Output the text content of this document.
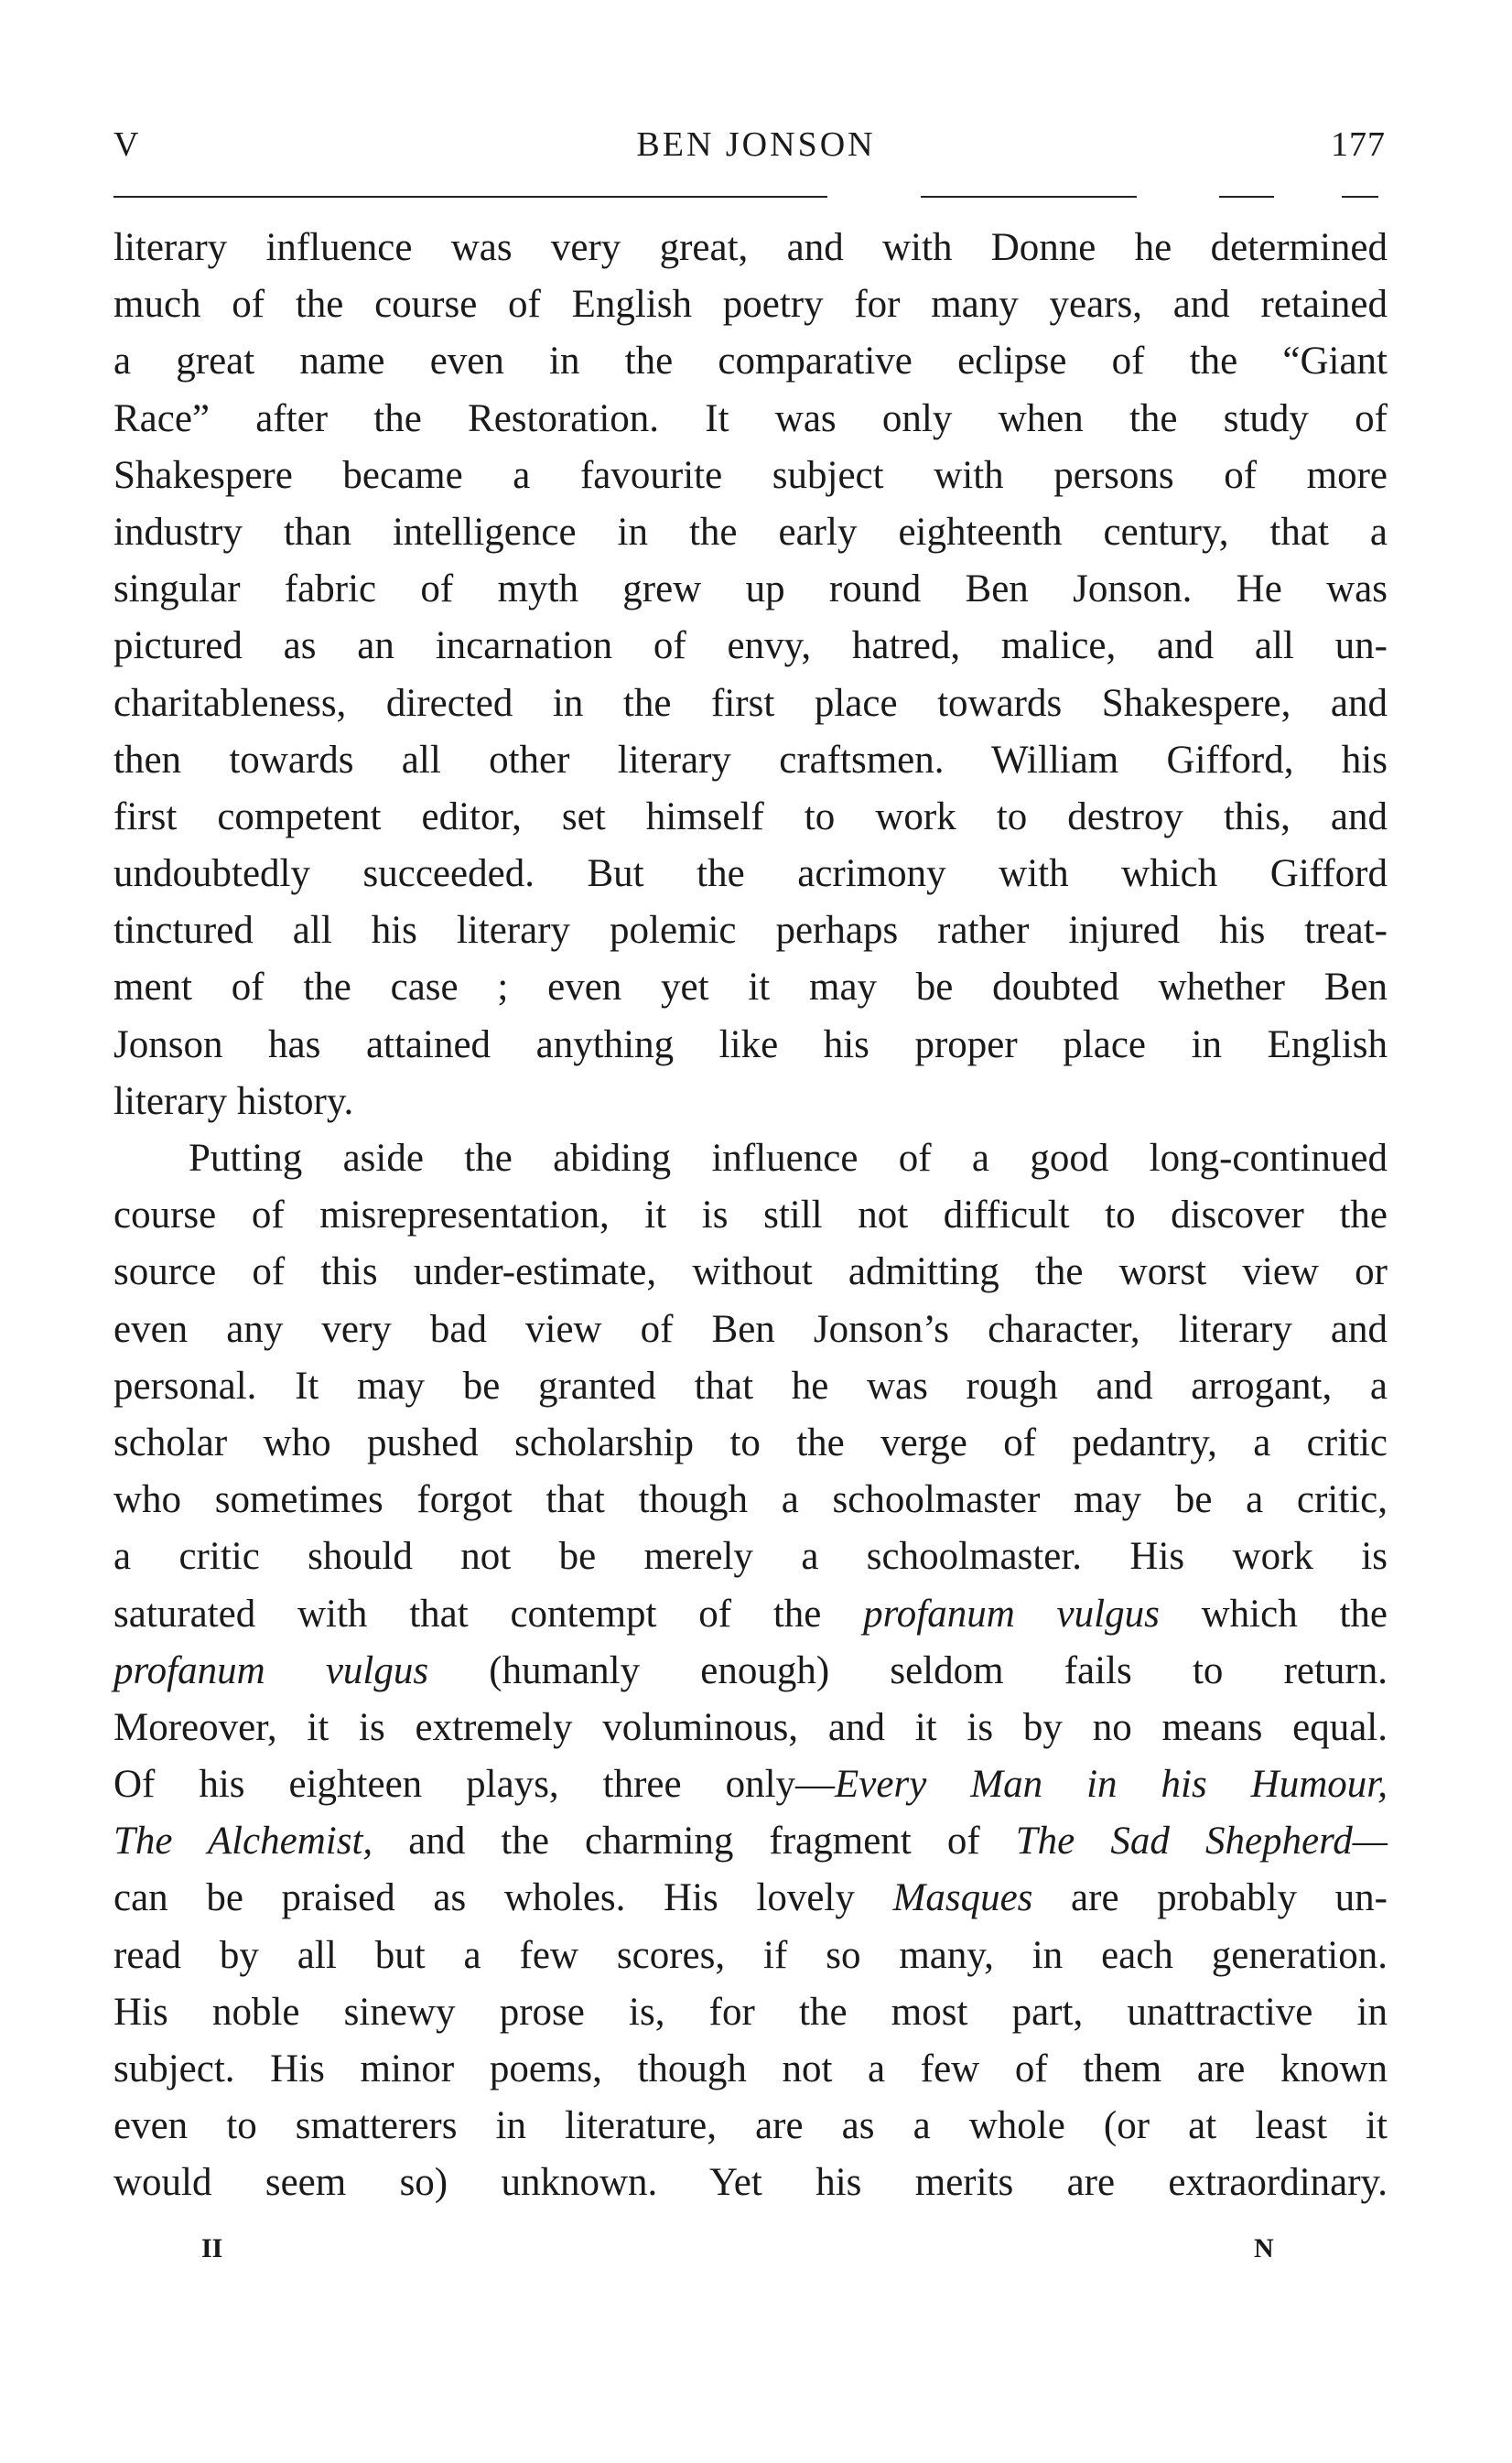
V	BEN JONSON	177
literary influence was very great, and with Donne he determined
much of the course of English poetry for many years, and retained
a great name even in the comparative eclipse of the “Giant
Race” after the Restoration. It was only when the study of
Shakespere became a favourite subject with persons of more
industry than intelligence in the early eighteenth century, that a
singular fabric of myth grew up round Ben Jonson. He was
pictured as an incarnation of envy, hatred, malice, and all un-
charitableness, directed in the first place towards Shakespere, and
then towards all other literary craftsmen. William Gifford, his
first competent editor, set himself to work to destroy this, and
undoubtedly succeeded. But the acrimony with which Gifford
tinctured all his literary polemic perhaps rather injured his treat-
ment of the case ; even yet it may be doubted whether Ben
Jonson has attained anything like his proper place in English
literary history.
Putting aside the abiding influence of a good long-continued
course of misrepresentation, it is still not difficult to discover the
source of this under-estimate, without admitting the worst view or
even any very bad view of Ben Jonson’s character, literary and
personal. It may be granted that he was rough and arrogant, a
scholar who pushed scholarship to the verge of pedantry, a critic
who sometimes forgot that though a schoolmaster may be a critic,
a critic should not be merely a schoolmaster. His work is
saturated with that contempt of the profanum vulgus which the
profanum vulgus (humanly enough) seldom fails to return.
Moreover, it is extremely voluminous, and it is by no means equal.
Of his eighteen plays, three only—Every Man in his Humour,
The Alchemist, and the charming fragment of The Sad Shepherd—
can be praised as wholes. His lovely Masques are probably un-
read by all but a few scores, if so many, in each generation.
His noble sinewy prose is, for the most part, unattractive in
subject. His minor poems, though not a few of them are known
even to smatterers in literature, are as a whole (or at least it
would seem so) unknown. Yet his merits are extraordinary.
II	N
